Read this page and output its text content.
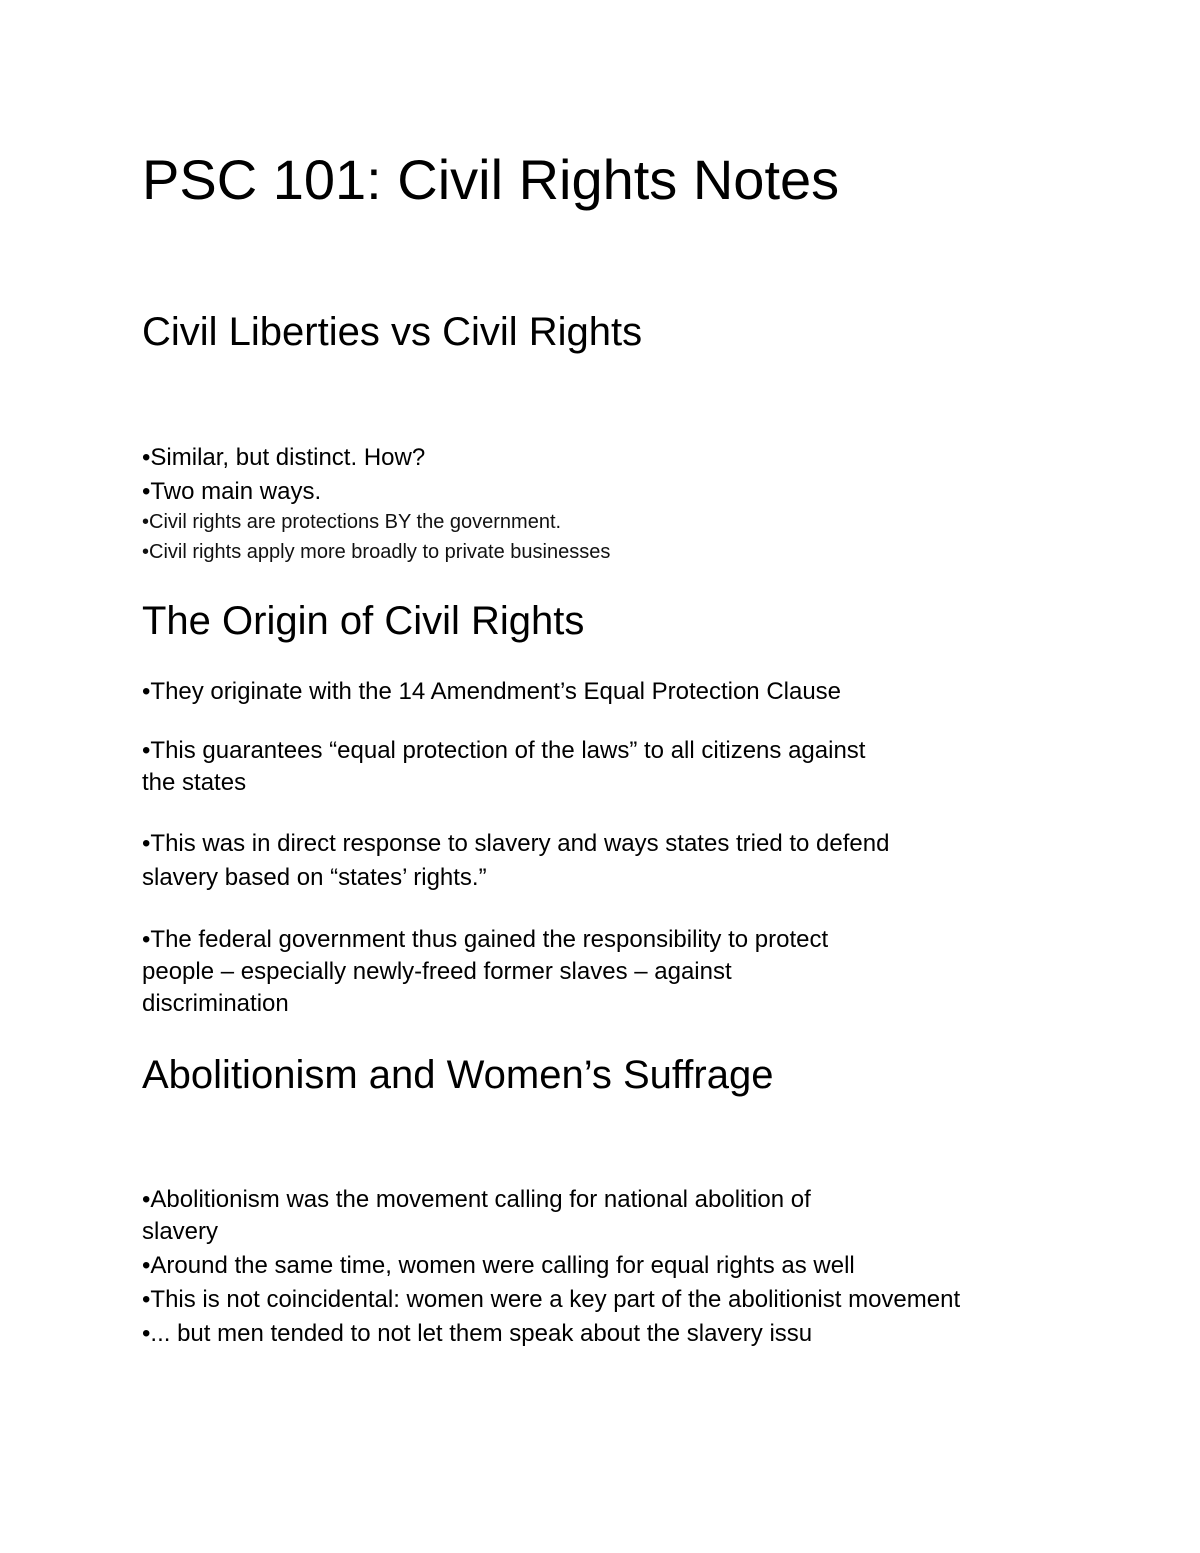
PSC 101: Civil Rights Notes
Civil Liberties vs Civil Rights
•Similar, but distinct. How?
•Two main ways.
•Civil rights are protections BY the government.
•Civil rights apply more broadly to private businesses
The Origin of Civil Rights
•They originate with the 14 Amendment’s Equal Protection Clause
•This guarantees “equal protection of the laws” to all citizens against
the states
•This was in direct response to slavery and ways states tried to defend
slavery based on “states’ rights.”
•The federal government thus gained the responsibility to protect
people – especially newly-freed former slaves – against
discrimination
Abolitionism and Women’s Suffrage
•Abolitionism was the movement calling for national abolition of
slavery
•Around the same time, women were calling for equal rights as well
•This is not coincidental: women were a key part of the abolitionist movement
•... but men tended to not let them speak about the slavery issu
